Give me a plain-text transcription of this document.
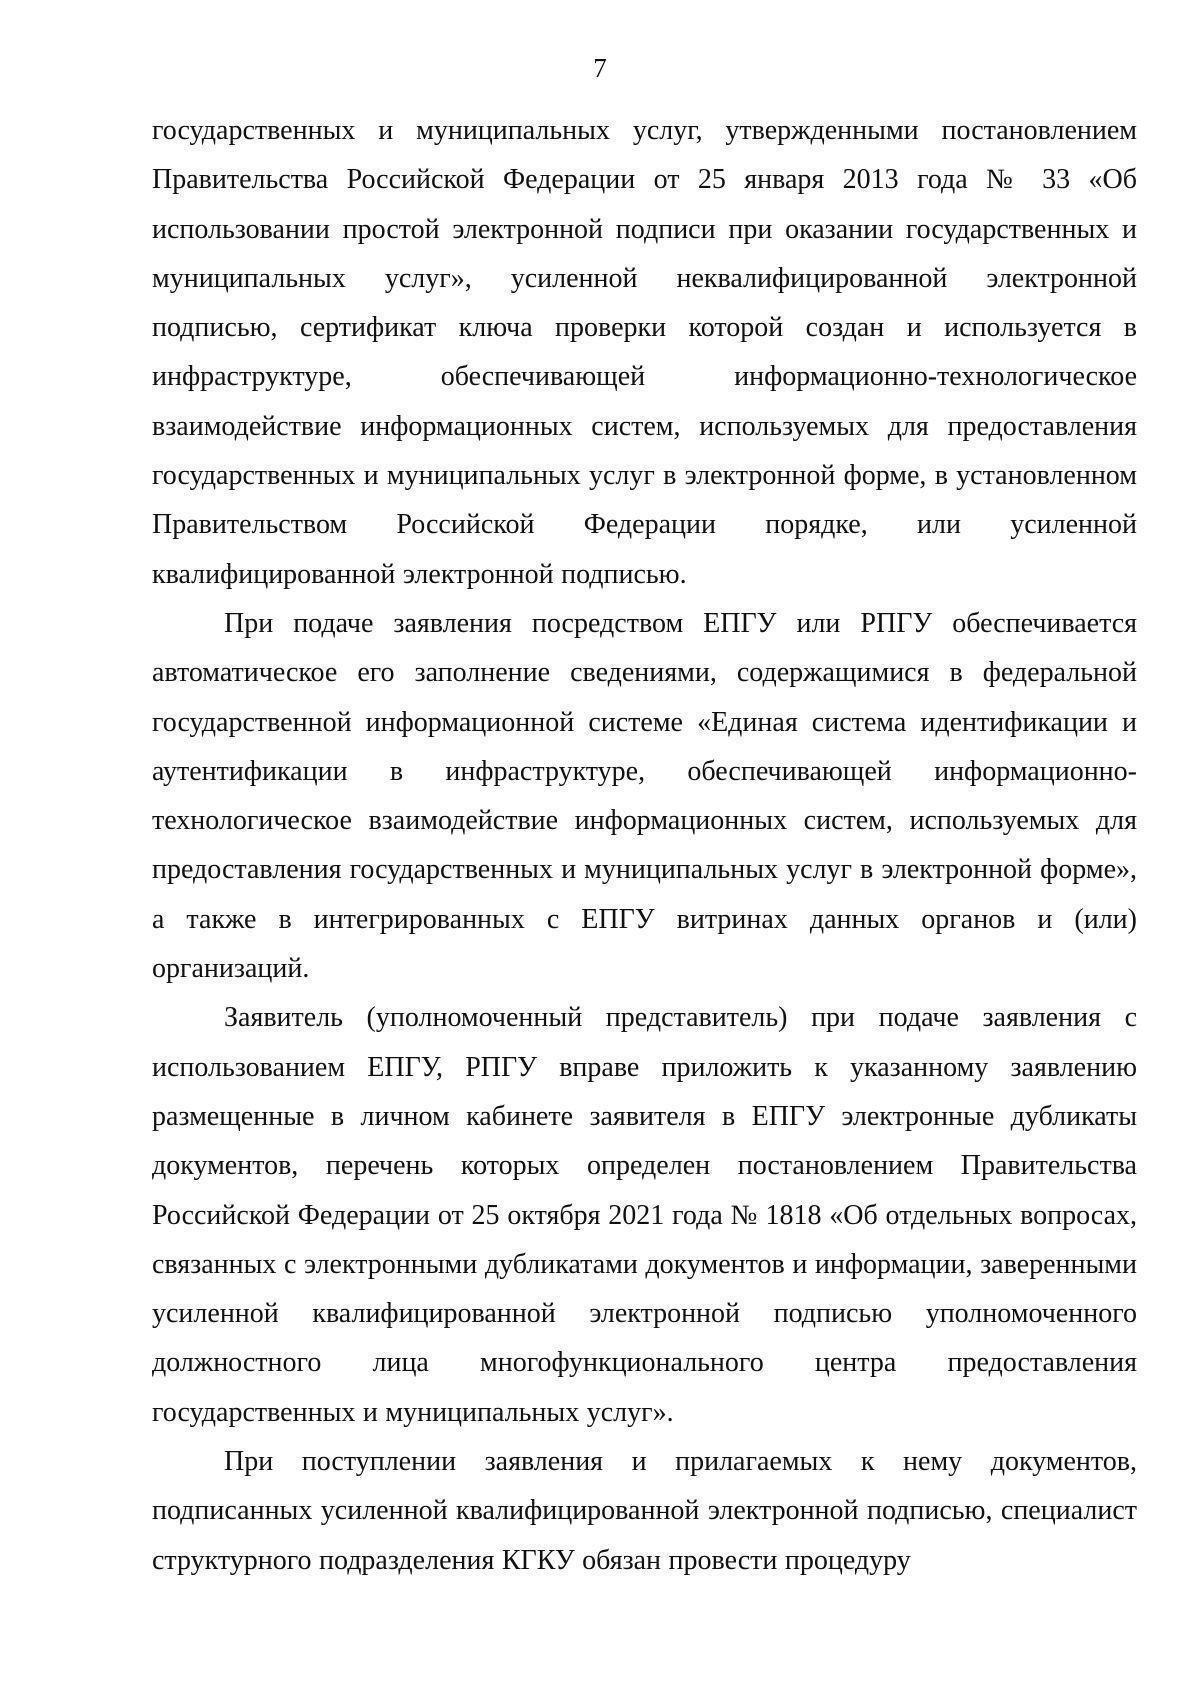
7

государственных и муниципальных услуг, утвержденными постановлением Правительства Российской Федерации от 25 января 2013 года № 33 «Об использовании простой электронной подписи при оказании государственных и муниципальных услуг», усиленной неквалифицированной электронной подписью, сертификат ключа проверки которой создан и используется в инфраструктуре, обеспечивающей информационно-технологическое взаимодействие информационных систем, используемых для предоставления государственных и муниципальных услуг в электронной форме, в установленном Правительством Российской Федерации порядке, или усиленной квалифицированной электронной подписью.

При подаче заявления посредством ЕПГУ или РПГУ обеспечивается автоматическое его заполнение сведениями, содержащимися в федеральной государственной информационной системе «Единая система идентификации и аутентификации в инфраструктуре, обеспечивающей информационно-технологическое взаимодействие информационных систем, используемых для предоставления государственных и муниципальных услуг в электронной форме», а также в интегрированных с ЕПГУ витринах данных органов и (или) организаций.

Заявитель (уполномоченный представитель) при подаче заявления с использованием ЕПГУ, РПГУ вправе приложить к указанному заявлению размещенные в личном кабинете заявителя в ЕПГУ электронные дубликаты документов, перечень которых определен постановлением Правительства Российской Федерации от 25 октября 2021 года № 1818 «Об отдельных вопросах, связанных с электронными дубликатами документов и информации, заверенными усиленной квалифицированной электронной подписью уполномоченного должностного лица многофункционального центра предоставления государственных и муниципальных услуг».

При поступлении заявления и прилагаемых к нему документов, подписанных усиленной квалифицированной электронной подписью, специалист структурного подразделения КГКУ обязан провести процедуру
